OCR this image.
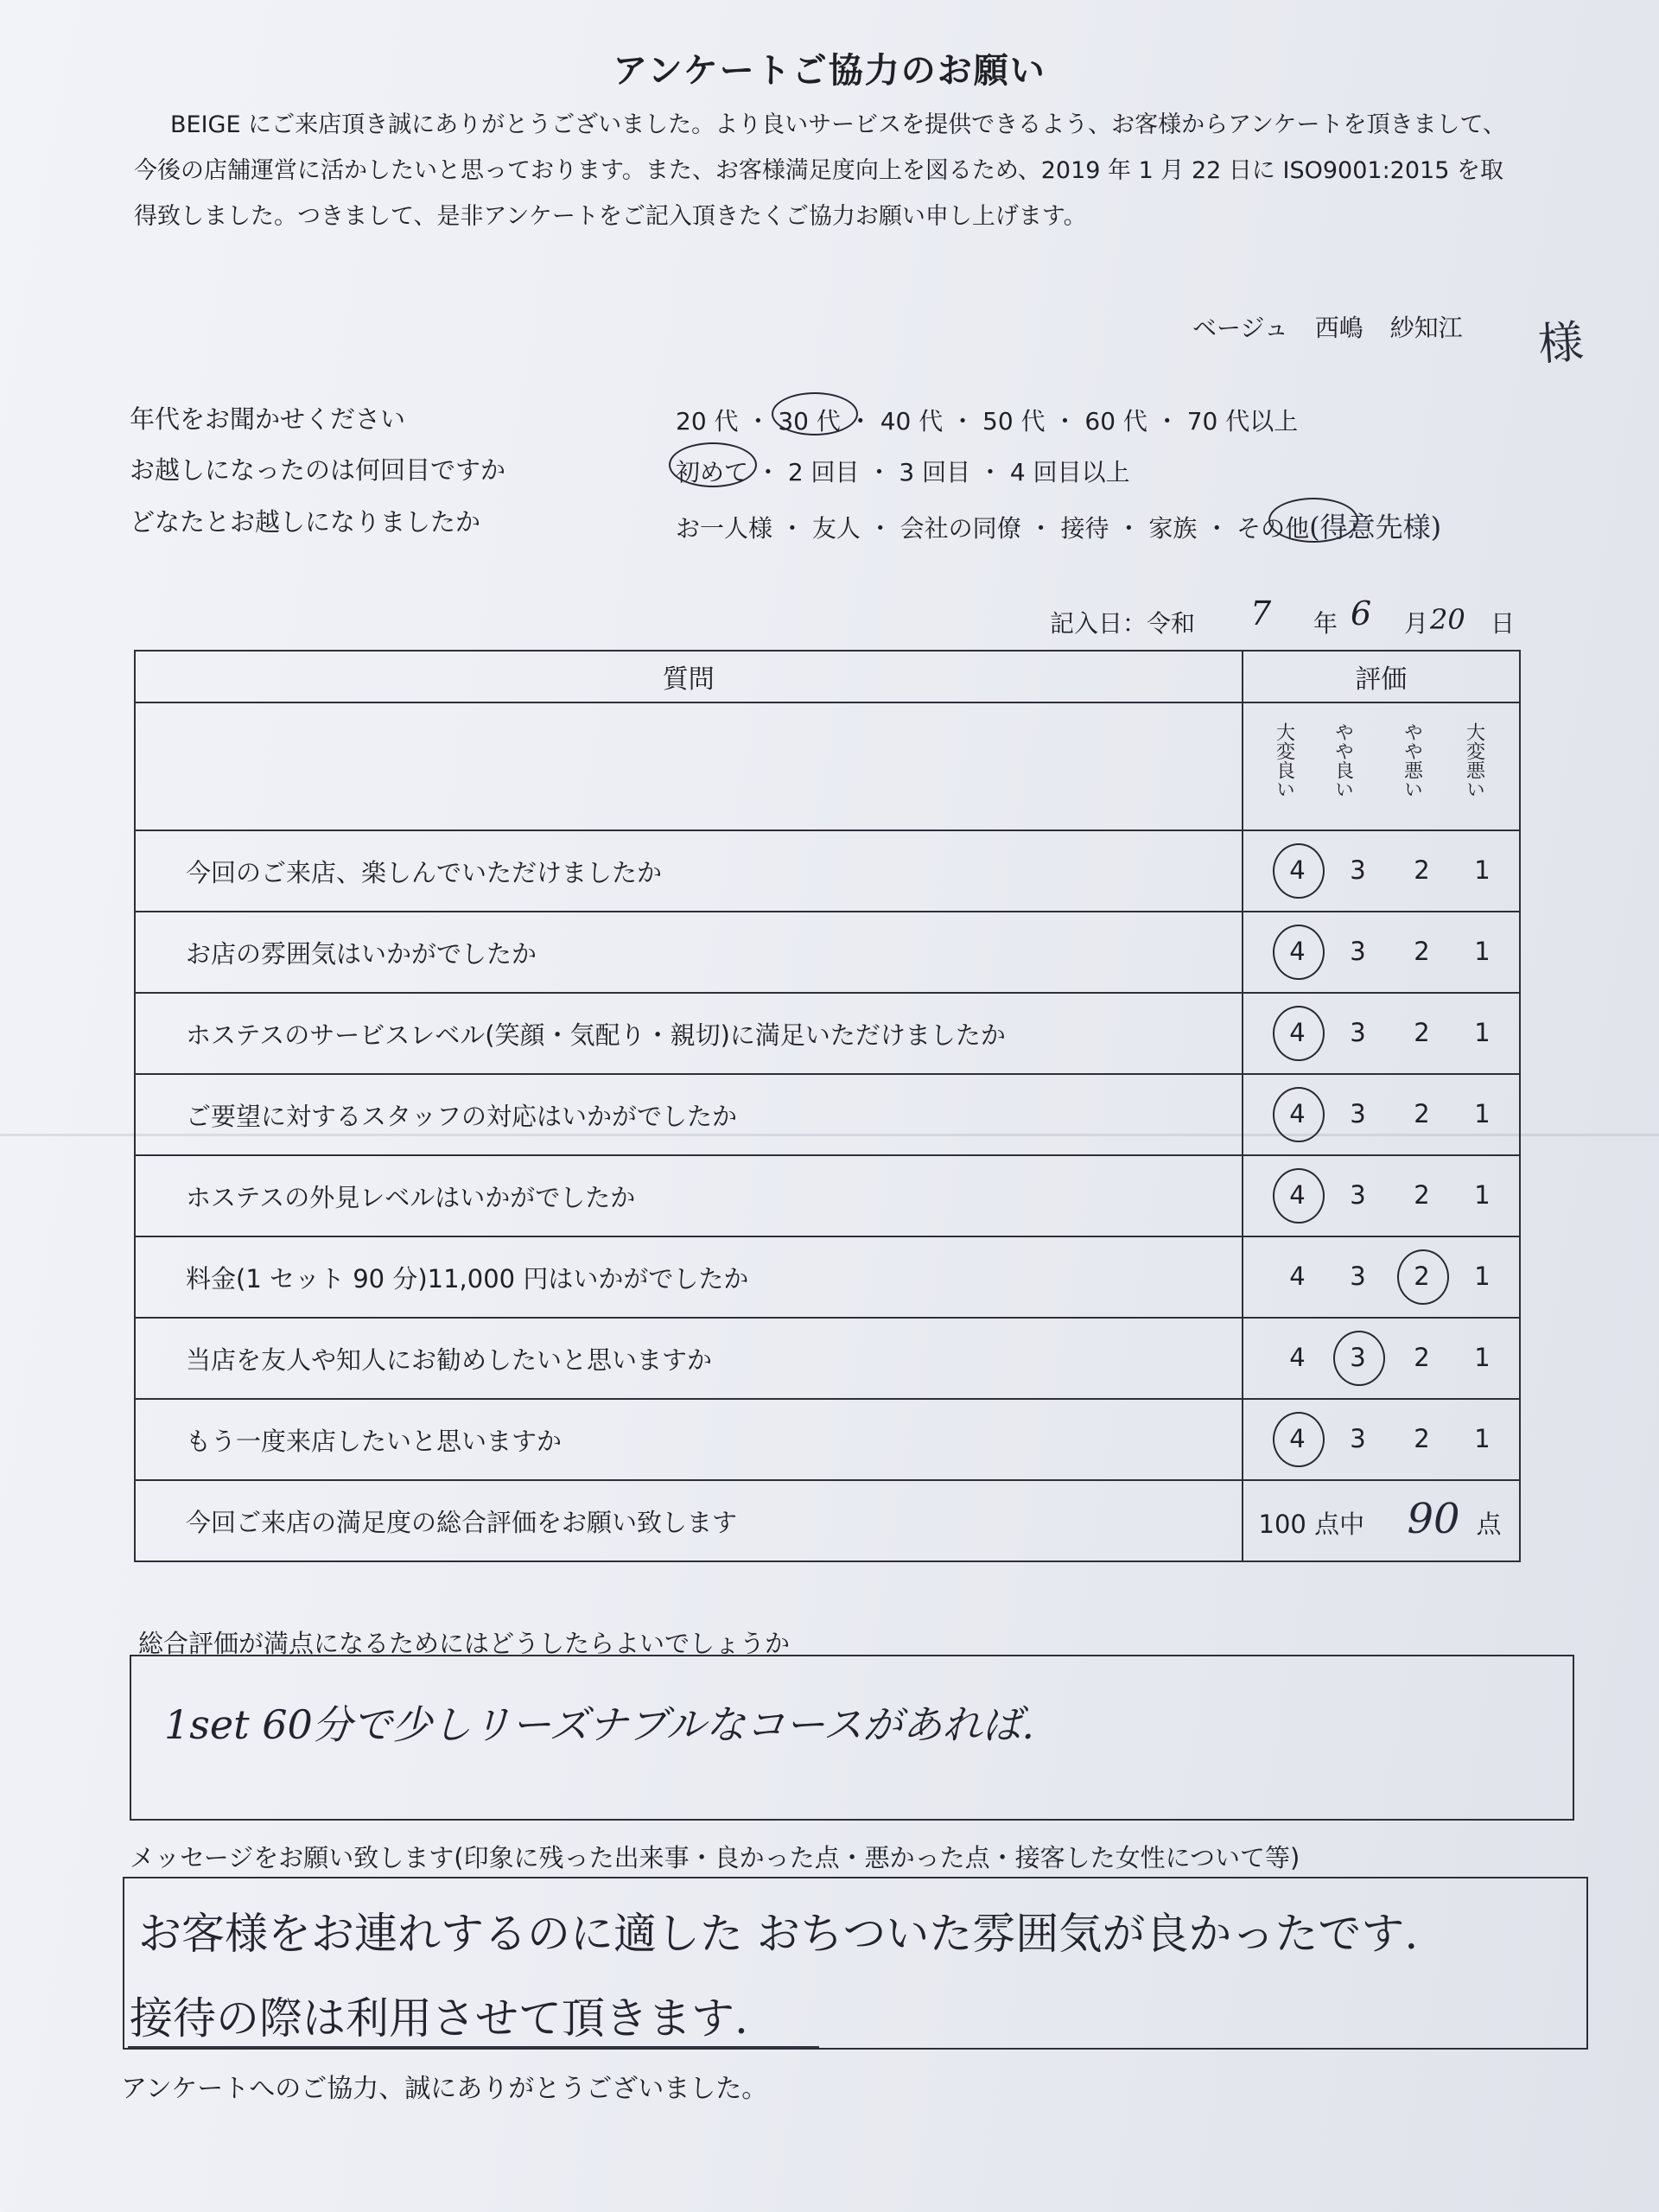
アンケートご協力のお願い

BEIGE にご来店頂き誠にありがとうございました。より良いサービスを提供できるよう、お客様からアンケートを頂きまして、今後の店舗運営に活かしたいと思っております。また、お客様満足度向上を図るため、2019 年 1 月 22 日に ISO9001:2015 を取得致しました。つきまして、是非アンケートをご記入頂きたくご協力お願い申し上げます。

ベージュ 西嶋 紗知江 様
年代をお聞かせください	20 代 ・ 30 代 ・ 40 代 ・ 50 代 ・ 60 代 ・ 70 代以上
お越しになったのは何回目ですか	初めて ・ 2 回目 ・ 3 回目 ・ 4 回目以上
どなたとお越しになりましたか	お一人様 ・ 友人 ・ 会社の同僚 ・ 接待 ・ 家族 ・ その他(得意先様)
記入日：令和 7 年 6 月 20 日
質問	評価

	大変良い やや良い やや悪い 大変悪い

今回のご来店、楽しんでいただけましたか	4 3 2 1

お店の雰囲気はいかがでしたか	4 3 2 1

ホステスのサービスレベル(笑顔・気配り・親切)に満足いただけましたか	4 3 2 1

ご要望に対するスタッフの対応はいかがでしたか	4 3 2 1

ホステスの外見レベルはいかがでしたか	4 3 2 1

料金(1 セット 90 分)11,000 円はいかがでしたか	4 3 2 1

当店を友人や知人にお勧めしたいと思いますか	4 3 2 1

もう一度来店したいと思いますか	4 3 2 1

今回ご来店の満足度の総合評価をお願い致します	100 点中 90 点
総合評価が満点になるためにはどうしたらよいでしょうか
1set 60分で少しリーズナブルなコースがあれば.
メッセージをお願い致します(印象に残った出来事・良かった点・悪かった点・接客した女性について等)
お客様をお連れするのに適した おちついた雰囲気が良かったです.
接待の際は利用させて頂きます.
アンケートへのご協力、誠にありがとうございました。
